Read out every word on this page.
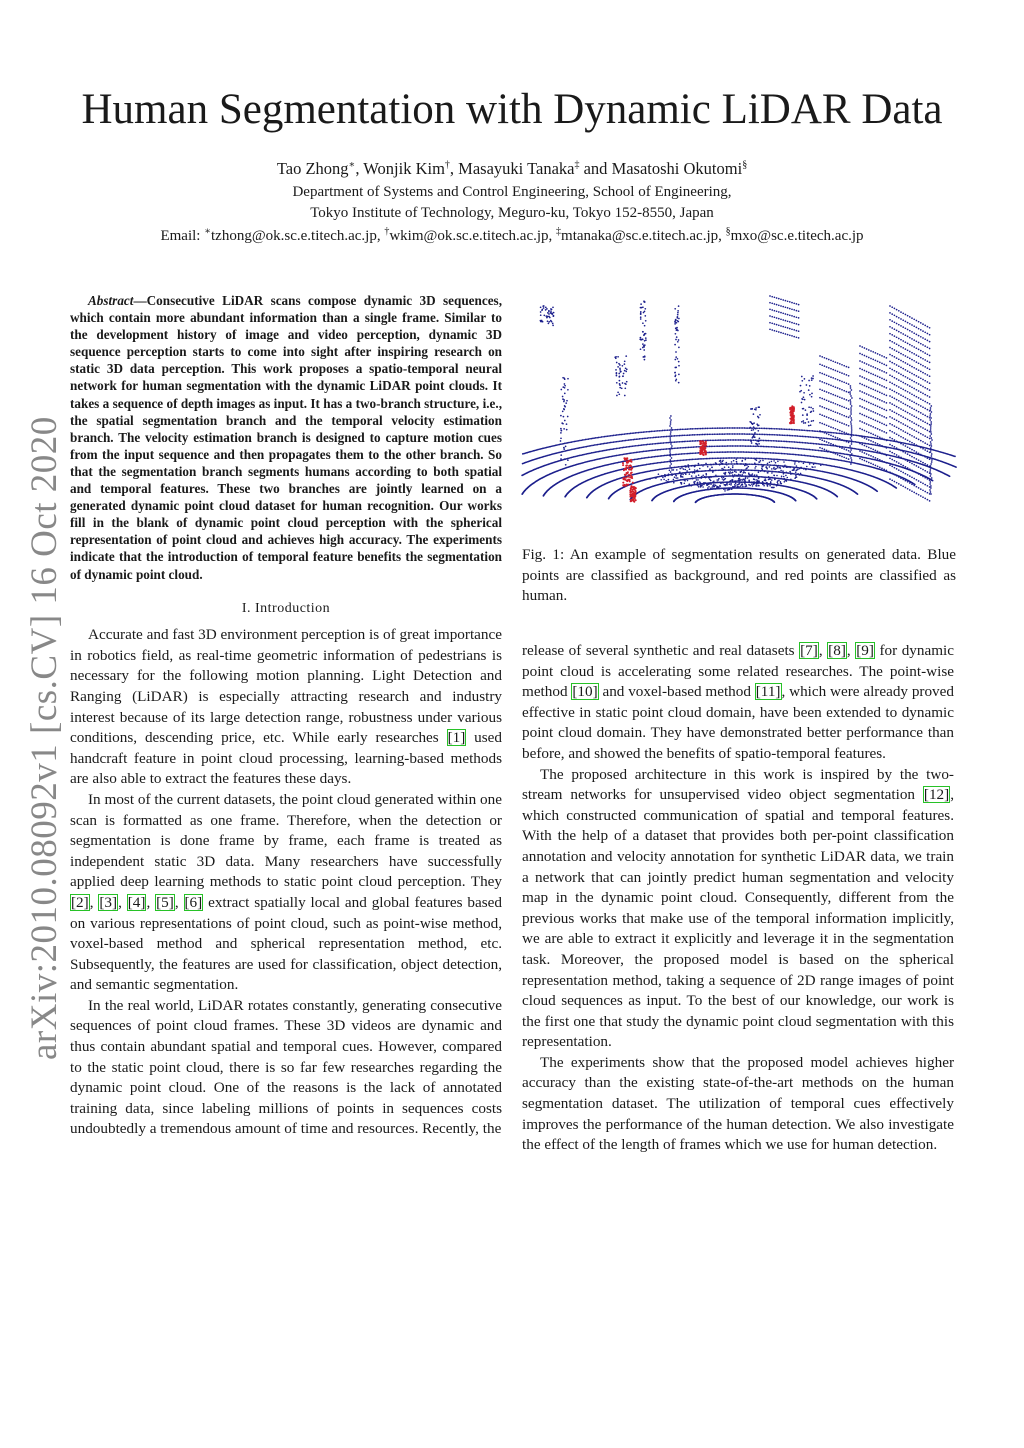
Human Segmentation with Dynamic LiDAR Data
Tao Zhong∗, Wonjik Kim†, Masayuki Tanaka‡ and Masatoshi Okutomi§
Department of Systems and Control Engineering, School of Engineering,
Tokyo Institute of Technology, Meguro-ku, Tokyo 152-8550, Japan
Email: ∗tzhong@ok.sc.e.titech.ac.jp, †wkim@ok.sc.e.titech.ac.jp, ‡mtanaka@sc.e.titech.ac.jp, §mxo@sc.e.titech.ac.jp
arXiv:2010.08092v1 [cs.CV] 16 Oct 2020

Abstract—Consecutive LiDAR scans compose dynamic 3D sequences, which contain more abundant information than a single frame. Similar to the development history of image and video perception, dynamic 3D sequence perception starts to come into sight after inspiring research on static 3D data perception. This work proposes a spatio-temporal neural network for human segmentation with the dynamic LiDAR point clouds. It takes a sequence of depth images as input. It has a two-branch structure, i.e., the spatial segmentation branch and the temporal velocity estimation branch. The velocity estimation branch is designed to capture motion cues from the input sequence and then propagates them to the other branch. So that the segmentation branch segments humans according to both spatial and temporal features. These two branches are jointly learned on a generated dynamic point cloud dataset for human recognition. Our works fill in the blank of dynamic point cloud perception with the spherical representation of point cloud and achieves high accuracy. The experiments indicate that the introduction of temporal feature benefits the segmentation of dynamic point cloud.

I. Introduction

Accurate and fast 3D environment perception is of great importance in robotics field, as real-time geometric information of pedestrians is necessary for the following motion planning. Light Detection and Ranging (LiDAR) is especially attracting research and industry interest because of its large detection range, robustness under various conditions, descending price, etc. While early researches [1] used handcraft feature in point cloud processing, learning-based methods are also able to extract the features these days.

In most of the current datasets, the point cloud generated within one scan is formatted as one frame. Therefore, when the detection or segmentation is done frame by frame, each frame is treated as independent static 3D data. Many researchers have successfully applied deep learning methods to static point cloud perception. They [2], [3], [4], [5], [6] extract spatially local and global features based on various representations of point cloud, such as point-wise method, voxel-based method and spherical representation method, etc. Subsequently, the features are used for classification, object detection, and semantic segmentation.

In the real world, LiDAR rotates constantly, generating consecutive sequences of point cloud frames. These 3D videos are dynamic and thus contain abundant spatial and temporal cues. However, compared to the static point cloud, there is so far few researches regarding the dynamic point cloud. One of the reasons is the lack of annotated training data, since labeling millions of points in sequences costs undoubtedly a tremendous amount of time and resources. Recently, the

Fig. 1: An example of segmentation results on generated data. Blue points are classified as background, and red points are classified as human.

release of several synthetic and real datasets [7], [8], [9] for dynamic point cloud is accelerating some related researches. The point-wise method [10] and voxel-based method [11], which were already proved effective in static point cloud domain, have been extended to dynamic point cloud domain. They have demonstrated better performance than before, and showed the benefits of spatio-temporal features.

The proposed architecture in this work is inspired by the two-stream networks for unsupervised video object segmentation [12], which constructed communication of spatial and temporal features. With the help of a dataset that provides both per-point classification annotation and velocity annotation for synthetic LiDAR data, we train a network that can jointly predict human segmentation and velocity map in the dynamic point cloud. Consequently, different from the previous works that make use of the temporal information implicitly, we are able to extract it explicitly and leverage it in the segmentation task. Moreover, the proposed model is based on the spherical representation method, taking a sequence of 2D range images of point cloud sequences as input. To the best of our knowledge, our work is the first one that study the dynamic point cloud segmentation with this representation.

The experiments show that the proposed model achieves higher accuracy than the existing state-of-the-art methods on the human segmentation dataset. The utilization of temporal cues effectively improves the performance of the human detection. We also investigate the effect of the length of frames which we use for human detection.
